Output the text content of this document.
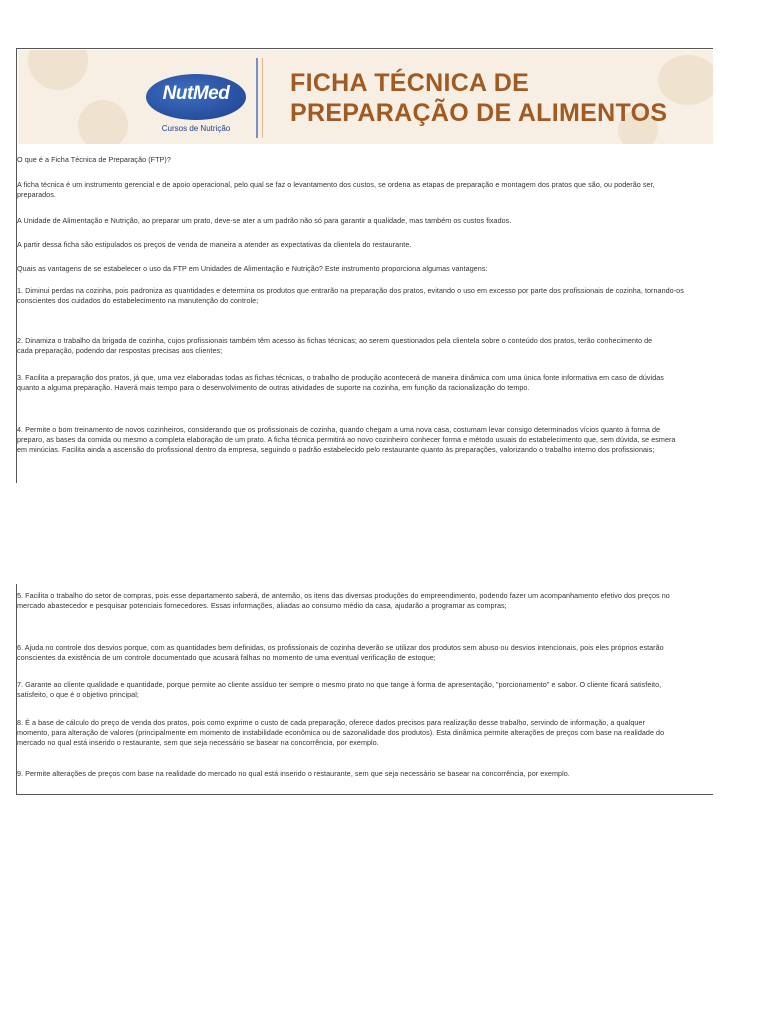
NutMed
Cursos de Nutrição
FICHA TÉCNICA DE
PREPARAÇÃO DE ALIMENTOS
O que é a Ficha Técnica de Preparação (FTP)?
A ficha técnica é um instrumento gerencial e de apoio operacional, pelo qual se faz o levantamento dos custos, se ordena as etapas de preparação e montagem dos pratos que são, ou poderão ser,
preparados.
A Unidade de Alimentação e Nutrição, ao preparar um prato, deve-se ater a um padrão não só para garantir a qualidade, mas também os custos fixados.
A partir dessa ficha são estipulados os preços de venda de maneira a atender as expectativas da clientela do restaurante.
Quais as vantagens de se estabelecer o uso da FTP em Unidades de Alimentação e Nutrição? Este instrumento proporciona algumas vantagens:
1. Diminui perdas na cozinha, pois padroniza as quantidades e determina os produtos que entrarão na preparação dos pratos, evitando o uso em excesso por parte dos profissionais de cozinha, tornando-os
conscientes dos cuidados do estabelecimento na manutenção do controle;
2. Dinamiza o trabalho da brigada de cozinha, cujos profissionais também têm acesso às fichas técnicas; ao serem questionados pela clientela sobre o conteúdo dos pratos, terão conhecimento de
cada preparação, podendo dar respostas precisas aos clientes;
3. Facilita a preparação dos pratos, já que, uma vez elaboradas todas as fichas técnicas, o trabalho de produção acontecerá de maneira dinâmica com uma única fonte informativa em caso de dúvidas
quanto a alguma preparação. Haverá mais tempo para o desenvolvimento de outras atividades de suporte na cozinha, em função da racionalização do tempo.
4. Permite o bom treinamento de novos cozinheiros, considerando que os profissionais de cozinha, quando chegam a uma nova casa, costumam levar consigo determinados vícios quanto à forma de
preparo, as bases da comida ou mesmo a completa elaboração de um prato. A ficha técnica permitirá ao novo cozinheiro conhecer forma e método usuais do estabelecimento que, sem dúvida, se esmera
em minúcias. Facilita ainda a ascensão do profissional dentro da empresa, seguindo o padrão estabelecido pelo restaurante quanto às preparações, valorizando o trabalho interno dos profissionais;
5. Facilita o trabalho do setor de compras, pois esse departamento saberá, de antemão, os itens das diversas produções do empreendimento, podendo fazer um acompanhamento efetivo dos preços no
mercado abastecedor e pesquisar potenciais fornecedores. Essas informações, aliadas ao consumo médio da casa, ajudarão a programar as compras;
6. Ajuda no controle dos desvios porque, com as quantidades bem definidas, os profissionais de cozinha deverão se utilizar dos produtos sem abuso ou desvios intencionais, pois eles próprios estarão
conscientes da existência de um controle documentado que acusará falhas no momento de uma eventual verificação de estoque;
7. Garante ao cliente qualidade e quantidade, porque permite ao cliente assíduo ter sempre o mesmo prato no que tange à forma de apresentação, "porcionamento" e sabor. O cliente ficará satisfeito,
satisfeito, o que é o objetivo principal;
8. É a base de cálculo do preço de venda dos pratos, pois como exprime o custo de cada preparação, oferece dados precisos para realização desse trabalho, servindo de informação, a qualquer
momento, para alteração de valores (principalmente em momento de instabilidade econômica ou de sazonalidade dos produtos). Esta dinâmica permite alterações de preços com base na realidade do
mercado no qual está inserido o restaurante, sem que seja necessário se basear na concorrência, por exemplo.
9. Permite alterações de preços com base na realidade do mercado no qual está inserido o restaurante, sem que seja necessário se basear na concorrência, por exemplo.
